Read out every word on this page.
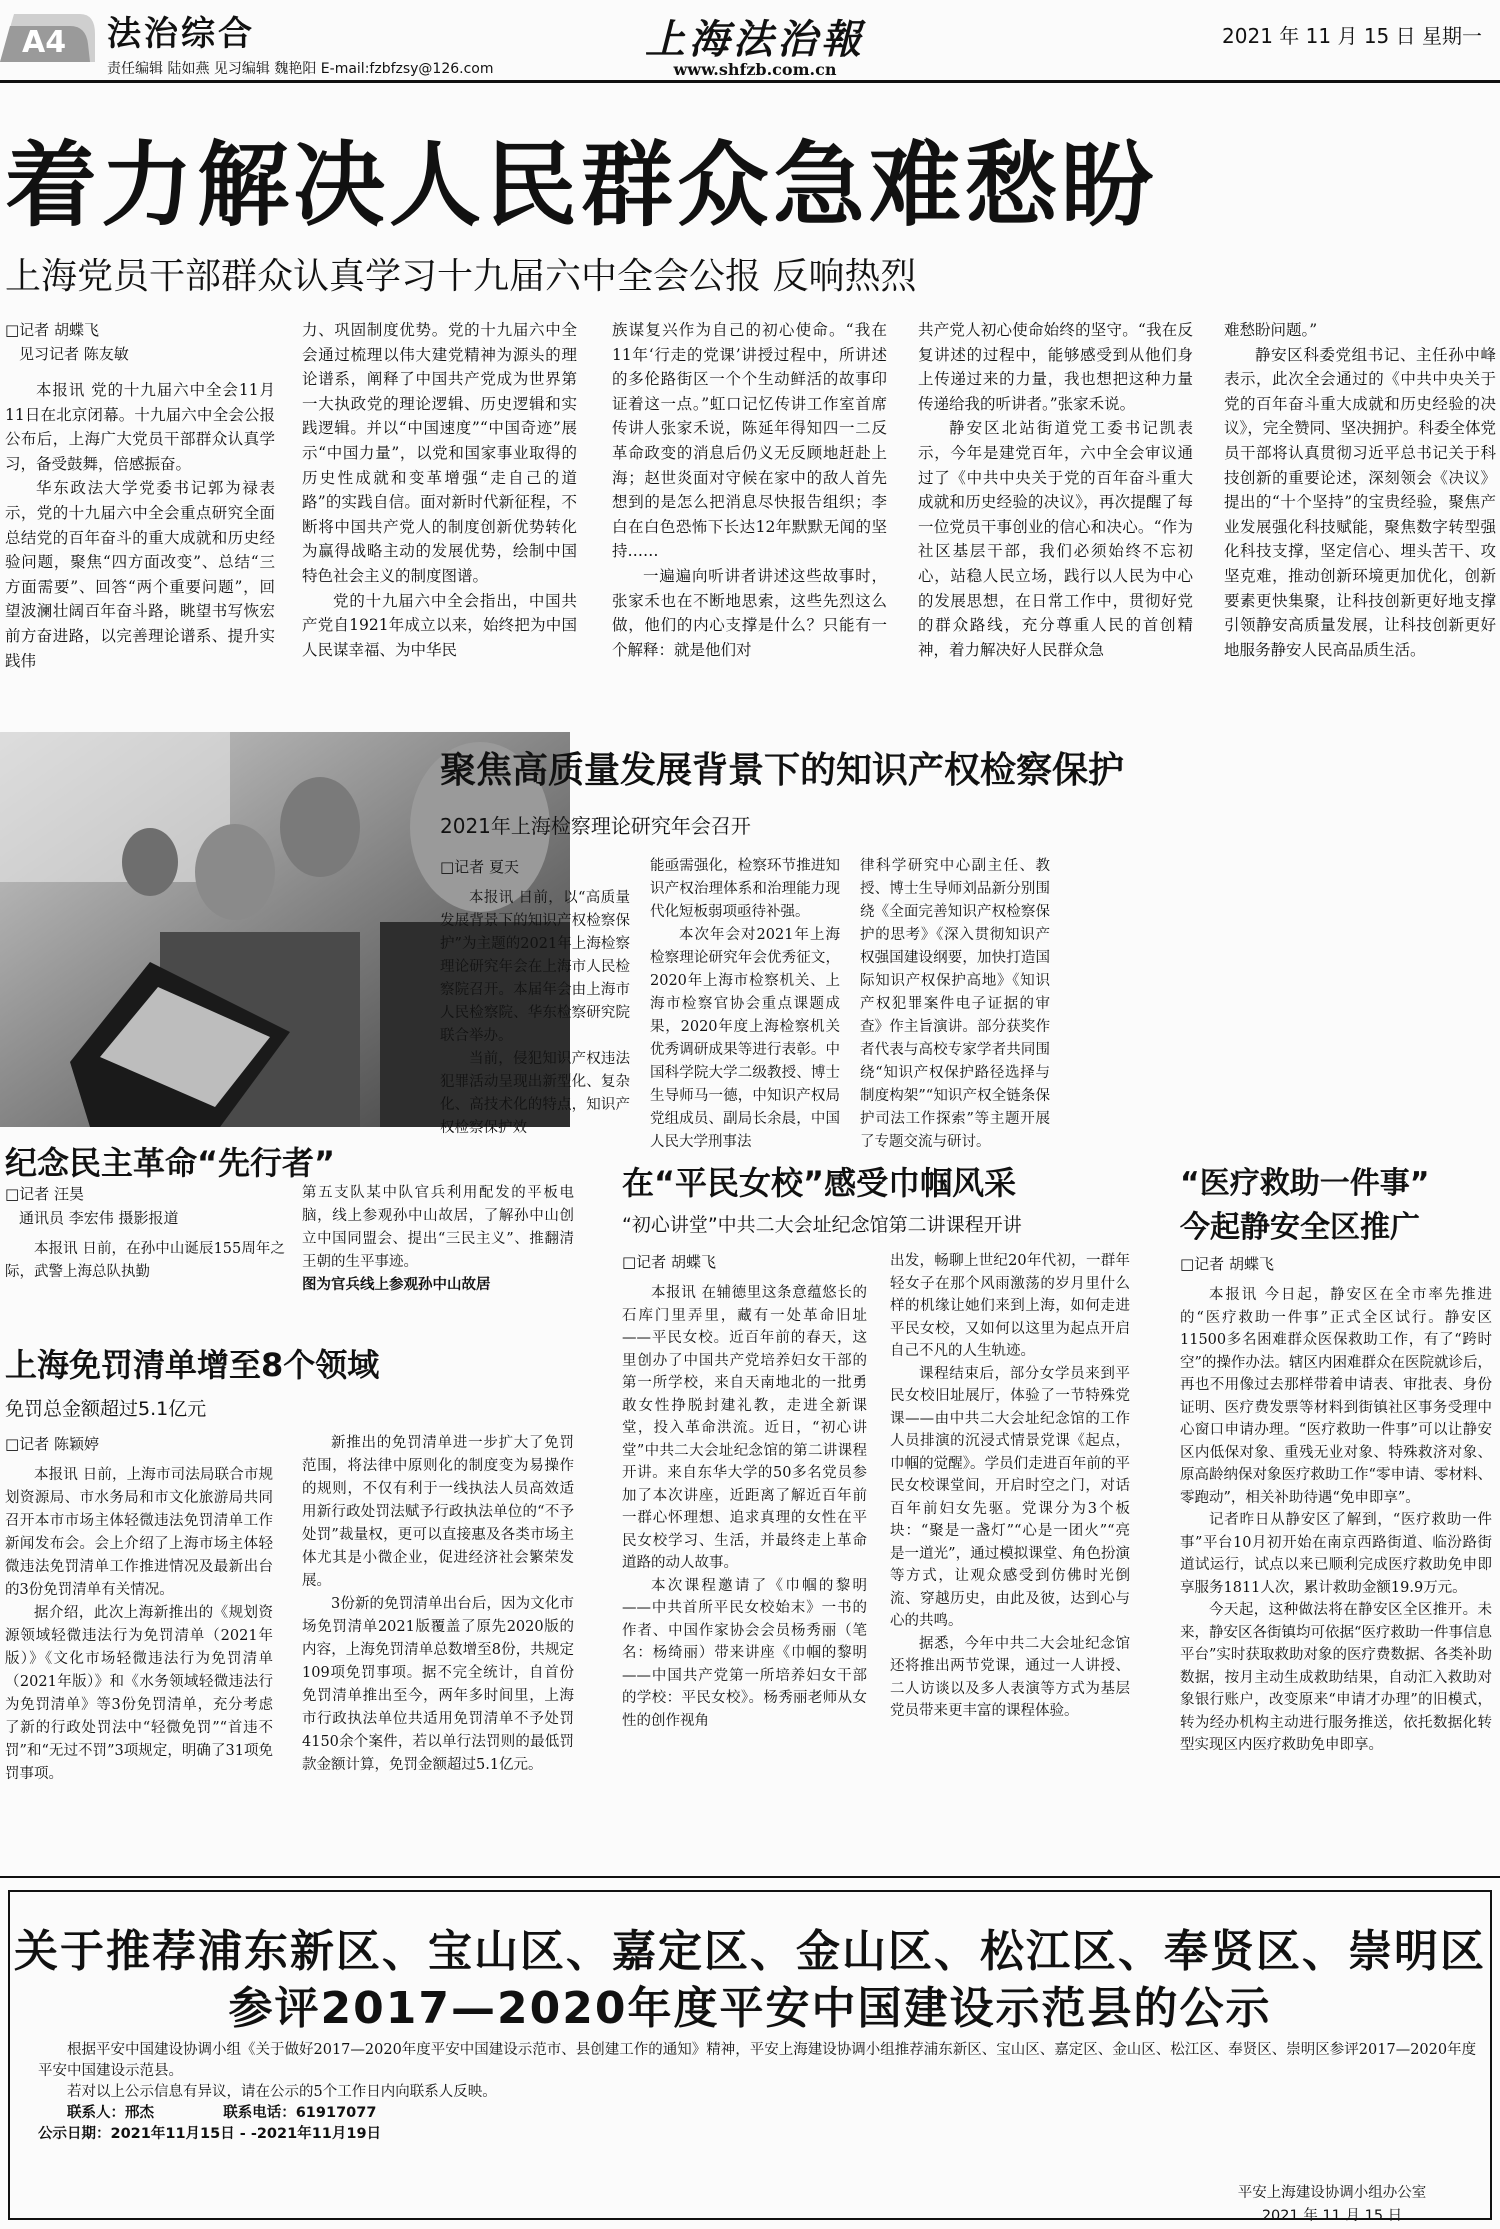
A4 法治综合
责任编辑 陆如燕 见习编辑 魏艳阳 E-mail:fzbfzsy@126.com
上海法治報
www.shfzb.com.cn
2021 年 11 月 15 日 星期一
着力解决人民群众急难愁盼
上海党员干部群众认真学习十九届六中全会公报 反响热烈
□记者 胡蝶飞
见习记者 陈友敏

本报讯 党的十九届六中全会11月11日在北京闭幕。十九届六中全会公报公布后，上海广大党员干部群众认真学习，备受鼓舞，倍感振奋。

华东政法大学党委书记郭为禄表示，党的十九届六中全会重点研究全面总结党的百年奋斗的重大成就和历史经验问题，聚焦“四方面改变”、总结“三方面需要”、回答“两个重要问题”，回望波澜壮阔百年奋斗路，眺望书写恢宏前方奋进路，以完善理论谱系、提升实践伟

力、巩固制度优势。党的十九届六中全会通过梳理以伟大建党精神为源头的理论谱系，阐释了中国共产党成为世界第一大执政党的理论逻辑、历史逻辑和实践逻辑。并以“中国速度”“中国奇迹”展示“中国力量”，以党和国家事业取得的历史性成就和变革增强“走自己的道路”的实践自信。面对新时代新征程，不断将中国共产党人的制度创新优势转化为赢得战略主动的发展优势，绘制中国特色社会主义的制度图谱。

党的十九届六中全会指出，中国共产党自1921年成立以来，始终把为中国人民谋幸福、为中华民

族谋复兴作为自己的初心使命。“我在11年‘行走的党课’讲授过程中，所讲述的多伦路街区一个个生动鲜活的故事印证着这一点。”虹口记忆传讲工作室首席传讲人张家禾说，陈延年得知四一二反革命政变的消息后仍义无反顾地赶赴上海；赵世炎面对守候在家中的敌人首先想到的是怎么把消息尽快报告组织；李白在白色恐怖下长达12年默默无闻的坚持……

一遍遍向听讲者讲述这些故事时，张家禾也在不断地思索，这些先烈这么做，他们的内心支撑是什么？只能有一个解释：就是他们对

共产党人初心使命始终的坚守。“我在反复讲述的过程中，能够感受到从他们身上传递过来的力量，我也想把这种力量传递给我的听讲者。”张家禾说。

静安区北站街道党工委书记凯表示，今年是建党百年，六中全会审议通过了《中共中央关于党的百年奋斗重大成就和历史经验的决议》，再次提醒了每一位党员干事创业的信心和决心。“作为社区基层干部，我们必须始终不忘初心，站稳人民立场，践行以人民为中心的发展思想，在日常工作中，贯彻好党的群众路线，充分尊重人民的首创精神，着力解决好人民群众急

难愁盼问题。”

静安区科委党组书记、主任孙中峰表示，此次全会通过的《中共中央关于党的百年奋斗重大成就和历史经验的决议》，完全赞同、坚决拥护。科委全体党员干部将认真贯彻习近平总书记关于科技创新的重要论述，深刻领会《决议》提出的“十个坚持”的宝贵经验，聚焦产业发展强化科技赋能，聚焦数字转型强化科技支撑，坚定信心、埋头苦干、攻坚克难，推动创新环境更加优化，创新要素更快集聚，让科技创新更好地支撑引领静安高质量发展，让科技创新更好地服务静安人民高品质生活。

聚焦高质量发展背景下的知识产权检察保护
2021年上海检察理论研究年会召开
□记者 夏天

本报讯 日前，以“高质量发展背景下的知识产权检察保护”为主题的2021年上海检察理论研究年会在上海市人民检察院召开。本届年会由上海市人民检察院、华东检察研究院联合举办。

当前，侵犯知识产权违法犯罪活动呈现出新型化、复杂化、高技术化的特点，知识产权检察保护效

能亟需强化，检察环节推进知识产权治理体系和治理能力现代化短板弱项亟待补强。

本次年会对2021年上海检察理论研究年会优秀征文，2020年上海市检察机关、上海市检察官协会重点课题成果，2020年度上海检察机关优秀调研成果等进行表彰。中国科学院大学二级教授、博士生导师马一德，中知识产权局党组成员、副局长余晨，中国人民大学刑事法

律科学研究中心副主任、教授、博士生导师刘品新分别围绕《全面完善知识产权检察保护的思考》《深入贯彻知识产权强国建设纲要，加快打造国际知识产权保护高地》《知识产权犯罪案件电子证据的审查》作主旨演讲。部分获奖作者代表与高校专家学者共同围绕“知识产权保护路径选择与制度构架”“知识产权全链条保护司法工作探索”等主题开展了专题交流与研讨。

纪念民主革命“先行者”
□记者 汪昊
通讯员 李宏伟 摄影报道

本报讯 日前，在孙中山诞辰155周年之际，武警上海总队执勤

第五支队某中队官兵利用配发的平板电脑，线上参观孙中山故居，了解孙中山创立中国同盟会、提出“三民主义”、推翻清王朝的生平事迹。
图为官兵线上参观孙中山故居
上海免罚清单增至8个领域
免罚总金额超过5.1亿元
□记者 陈颖婷

本报讯 日前，上海市司法局联合市规划资源局、市水务局和市文化旅游局共同召开本市市场主体轻微违法免罚清单工作新闻发布会。会上介绍了上海市场主体轻微违法免罚清单工作推进情况及最新出台的3份免罚清单有关情况。

据介绍，此次上海新推出的《规划资源领域轻微违法行为免罚清单（2021年版）》《文化市场轻微违法行为免罚清单（2021年版）》和《水务领域轻微违法行为免罚清单》等3份免罚清单，充分考虑了新的行政处罚法中“轻微免罚”“首违不罚”和“无过不罚”3项规定，明确了31项免罚事项。

新推出的免罚清单进一步扩大了免罚范围，将法律中原则化的制度变为易操作的规则，不仅有利于一线执法人员高效适用新行政处罚法赋予行政执法单位的“不予处罚”裁量权，更可以直接惠及各类市场主体尤其是小微企业，促进经济社会繁荣发展。

3份新的免罚清单出台后，因为文化市场免罚清单2021版覆盖了原先2020版的内容，上海免罚清单总数增至8份，共规定109项免罚事项。据不完全统计，自首份免罚清单推出至今，两年多时间里，上海市行政执法单位共适用免罚清单不予处罚4150余个案件，若以单行法罚则的最低罚款金额计算，免罚金额超过5.1亿元。

在“平民女校”感受巾帼风采
“初心讲堂”中共二大会址纪念馆第二讲课程开讲
□记者 胡蝶飞

本报讯 在辅德里这条意蕴悠长的石库门里弄里，藏有一处革命旧址——平民女校。近百年前的春天，这里创办了中国共产党培养妇女干部的第一所学校，来自天南地北的一批勇敢女性挣脱封建礼教，走进全新课堂，投入革命洪流。近日，“初心讲堂”中共二大会址纪念馆的第二讲课程开讲。来自东华大学的50多名党员参加了本次讲座，近距离了解近百年前一群心怀理想、追求真理的女性在平民女校学习、生活，并最终走上革命道路的动人故事。

本次课程邀请了《巾帼的黎明——中共首所平民女校始末》一书的作者、中国作家协会会员杨秀丽（笔名：杨绮丽）带来讲座《巾帼的黎明——中国共产党第一所培养妇女干部的学校：平民女校》。杨秀丽老师从女性的创作视角

出发，畅聊上世纪20年代初，一群年轻女子在那个风雨激荡的岁月里什么样的机缘让她们来到上海，如何走进平民女校，又如何以这里为起点开启自己不凡的人生轨迹。

课程结束后，部分女学员来到平民女校旧址展厅，体验了一节特殊党课——由中共二大会址纪念馆的工作人员排演的沉浸式情景党课《起点，巾帼的觉醒》。学员们走进百年前的平民女校课堂间，开启时空之门，对话百年前妇女先驱。党课分为3个板块：“聚是一盏灯”“心是一团火”“亮是一道光”，通过模拟课堂、角色扮演等方式，让观众感受到仿佛时光倒流、穿越历史，由此及彼，达到心与心的共鸣。

据悉，今年中共二大会址纪念馆还将推出两节党课，通过一人讲授、二人访谈以及多人表演等方式为基层党员带来更丰富的课程体验。

“医疗救助一件事”
今起静安全区推广
□记者 胡蝶飞

本报讯 今日起，静安区在全市率先推进的“医疗救助一件事”正式全区试行。静安区11500多名困难群众医保救助工作，有了“跨时空”的操作办法。辖区内困难群众在医院就诊后，再也不用像过去那样带着申请表、审批表、身份证明、医疗费发票等材料到街镇社区事务受理中心窗口申请办理。“医疗救助一件事”可以让静安区内低保对象、重残无业对象、特殊救济对象、原高龄纳保对象医疗救助工作“零申请、零材料、零跑动”，相关补助待遇“免申即享”。

记者昨日从静安区了解到，“医疗救助一件事”平台10月初开始在南京西路街道、临汾路街道试运行，试点以来已顺利完成医疗救助免申即享服务1811人次，累计救助金额19.9万元。

今天起，这种做法将在静安区全区推开。未来，静安区各街镇均可依据“医疗救助一件事信息平台”实时获取救助对象的医疗费数据、各类补助数据，按月主动生成救助结果，自动汇入救助对象银行账户，改变原来“申请才办理”的旧模式，转为经办机构主动进行服务推送，依托数据化转型实现区内医疗救助免申即享。

关于推荐浦东新区、宝山区、嘉定区、金山区、松江区、奉贤区、崇明区
参评2017—2020年度平安中国建设示范县的公示

根据平安中国建设协调小组《关于做好2017—2020年度平安中国建设示范市、县创建工作的通知》精神，平安上海建设协调小组推荐浦东新区、宝山区、嘉定区、金山区、松江区、奉贤区、崇明区参评2017—2020年度平安中国建设示范县。

若对以上公示信息有异议，请在公示的5个工作日内向联系人反映。

联系人：邢杰	联系电话：61917077
公示日期：2021年11月15日 - -2021年11月19日
平安上海建设协调小组办公室
2021 年 11 月 15 日
